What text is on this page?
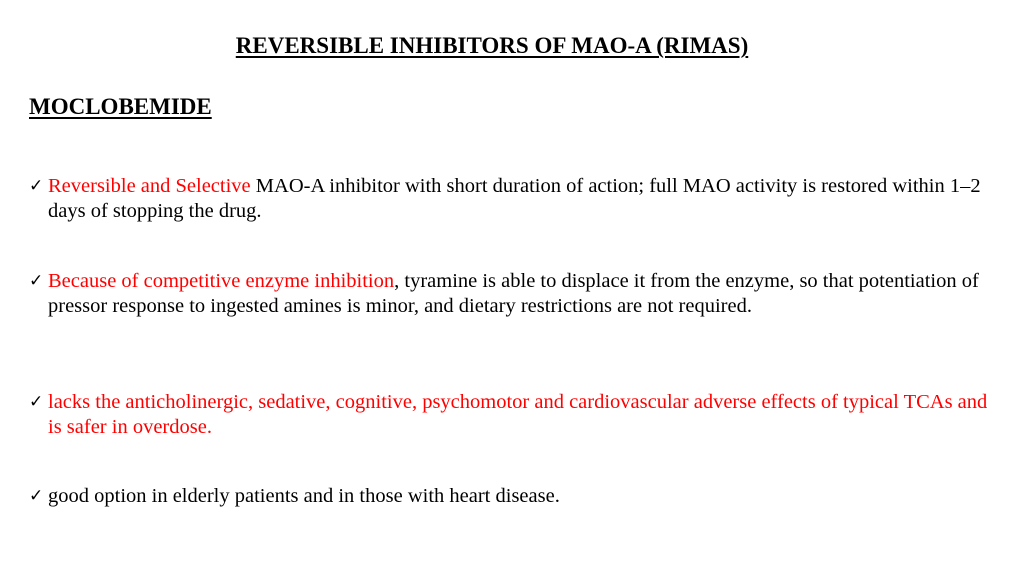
REVERSIBLE INHIBITORS OF MAO-A (RIMAS)
MOCLOBEMIDE
✓ Reversible and Selective MAO-A inhibitor with short duration of action; full MAO activity is restored within 1–2 days of stopping the drug.
✓ Because of competitive enzyme inhibition, tyramine is able to displace it from the enzyme, so that potentiation of pressor response to ingested amines is minor, and dietary restrictions are not required.
✓ lacks the anticholinergic, sedative, cognitive, psychomotor and cardiovascular adverse effects of typical TCAs and is safer in overdose.
✓ good option in elderly patients and in those with heart disease.
